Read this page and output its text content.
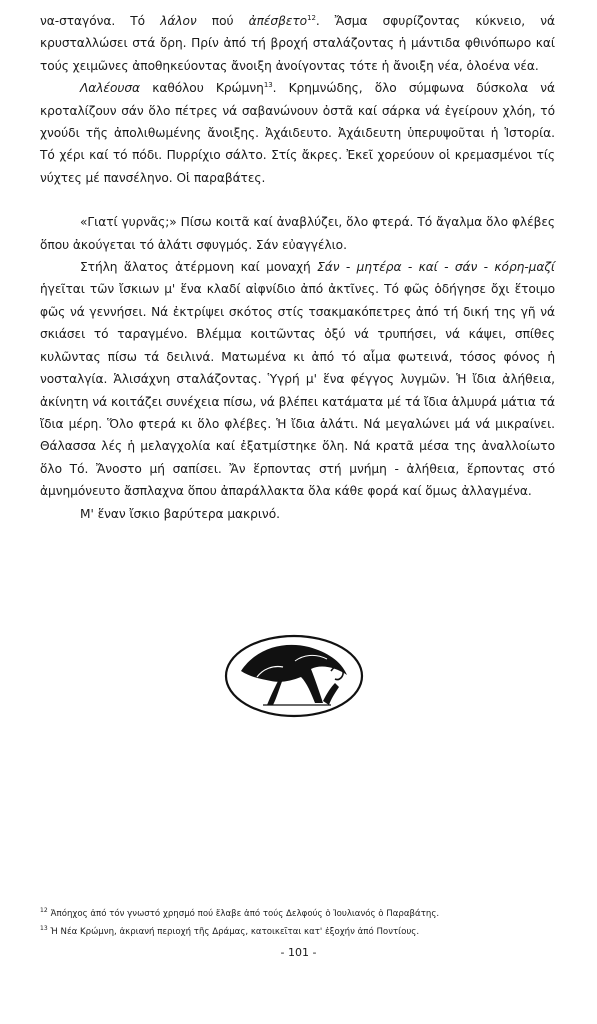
να-σταγόνα. Τό λάλον πού ἀπέσβετο$^{12}$. Ἄσμα σφυρίζοντας κύκνειο, νά κρυσταλλώσει στά ὄρη. Πρίν ἀπό τή βροχή σταλάζοντας ἡ μάντιδα φθινόπωρο καί τούς χειμῶνες ἀποθηκεύοντας ἄνοιξη ἀνοίγοντας τότε ἡ ἄνοιξη νέα, ὁλοένα νέα.

Λαλέουσα καθόλου Κρώμνη$^{13}$. Κρημνώδης, ὅλο σύμφωνα δύσκολα νά κροταλίζουν σάν ὅλο πέτρες νά σαβανώνουν ὀστᾶ καί σάρκα νά ἐγείρουν χλόη, τό χνούδι τῆς ἀπολιθωμένης ἄνοιξης. Ἀχάιδευτο. Ἀχάιδευτη ὑπερυψοῦται ἡ Ἱστορία. Τό χέρι καί τό πόδι. Πυρρίχιο σάλτο. Στίς ἄκρες. Ἐκεῖ χορεύουν οἱ κρεμασμένοι τίς νύχτες μέ πανσέληνο. Οἱ παραβάτες.

«Γιατί γυρνᾶς;» Πίσω κοιτᾶ καί ἀναβλύζει, ὅλο φτερά. Τό ἄγαλμα ὅλο φλέβες ὅπου ἀκούγεται τό ἁλάτι σφυγμός. Σάν εὐαγγέλιο.

Στήλη ἅλατος ἀτέρμονη καί μοναχή Σάν - μητέρα - καί - σάν - κόρη-μαζί ἡγεῖται τῶν ἴσκιων μ' ἕνα κλαδί αἰφνίδιο ἀπό ἀκτῖνες. Τό φῶς ὁδήγησε ὄχι ἕτοιμο φῶς νά γεννήσει. Νά ἐκτρίψει σκότος στίς τσακμακόπετρες ἀπό τή δική της γῆ νά σκιάσει τό ταραγμένο. Βλέμμα κοιτῶντας ὀξύ νά τρυπήσει, νά κάψει, σπίθες κυλῶντας πίσω τά δειλινά. Ματωμένα κι ἀπό τό αἷμα φωτεινά, τόσος φόνος ἡ νοσταλγία. Ἁλισάχνη σταλάζοντας. Ὑγρή μ' ἕνα φέγγος λυγμῶν. Ἡ ἴδια ἀλήθεια, ἀκίνητη νά κοιτάζει συνέχεια πίσω, νά βλέπει κατάματα μέ τά ἴδια ἁλμυρά μάτια τά ἴδια μέρη. Ὅλο φτερά κι ὅλο φλέβες. Ἡ ἴδια ἁλάτι. Νά μεγαλώνει μά νά μικραίνει. Θάλασσα λές ἡ μελαγχολία καί ἐξατμίστηκε ὅλη. Νά κρατᾶ μέσα της ἀναλλοίωτο ὅλο Τό. Ἄνοστο μή σαπίσει. Ἄν ἕρποντας στή μνήμη - ἀλήθεια, ἕρποντας στό ἀμνημόνευτο ἄσπλαχνα ὅπου ἀπαράλλακτα ὅλα κάθε φορά καί ὅμως ἀλλαγμένα.

Μ' ἕναν ἴσκιο βαρύτερα μακρινό.

$^{12}$ Ἀπόηχος ἀπό τόν γνωστό χρησμό πού ἔλαβε ἀπό τούς Δελφούς ὁ Ἰουλιανός ὁ Παραβάτης.

$^{13}$ Ἡ Νέα Κρώμνη, ἀκριανή περιοχή τῆς Δράμας, κατοικεῖται κατ' ἐξοχήν ἀπό Ποντίους.

- 101 -
